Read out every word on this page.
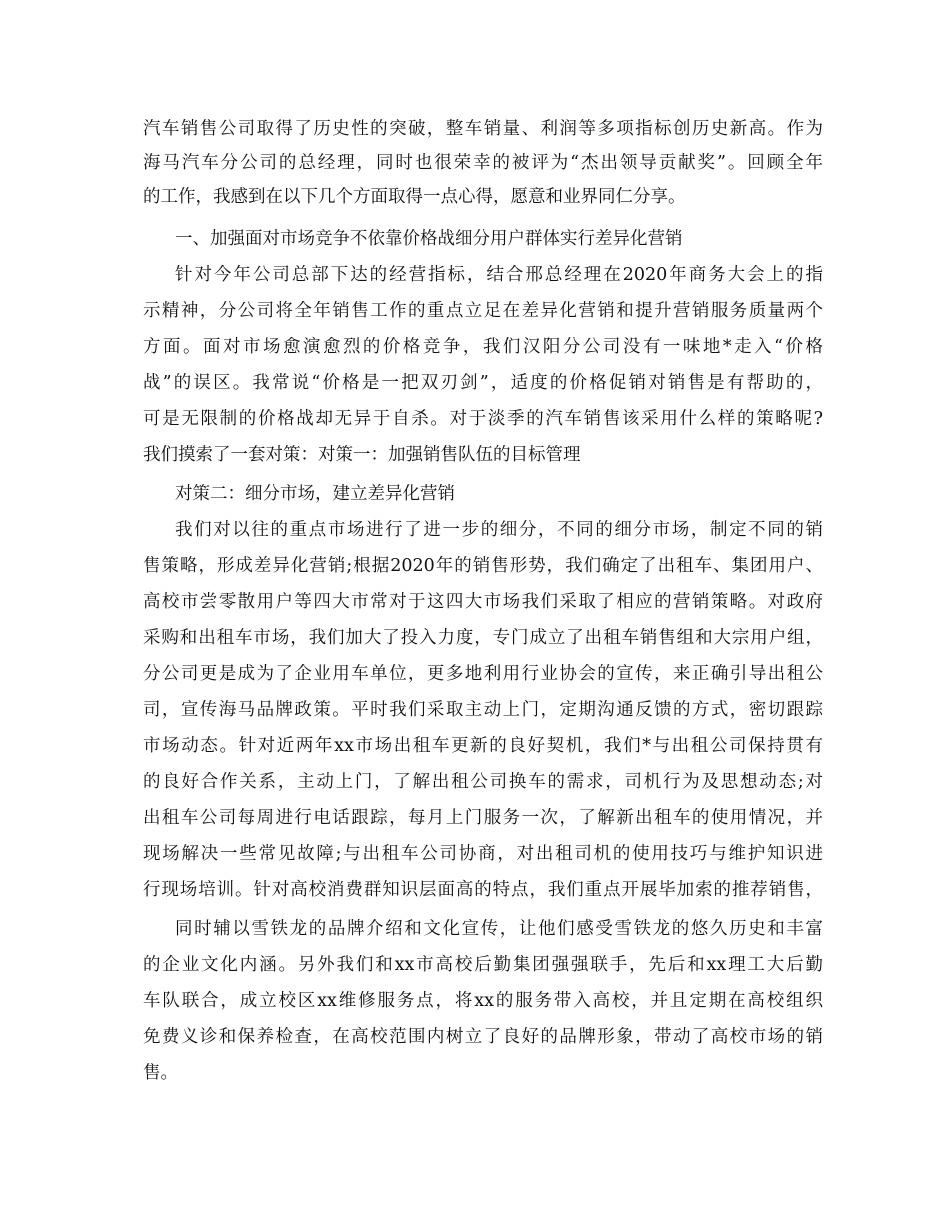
汽车销售公司取得了历史性的突破，整车销量、利润等多项指标创历史新高。作为

海马汽车分公司的总经理，同时也很荣幸的被评为“杰出领导贡献奖”。回顾全年

的工作，我感到在以下几个方面取得一点心得，愿意和业界同仁分享。

一、加强面对市场竞争不依靠价格战细分用户群体实行差异化营销

针对今年公司总部下达的经营指标，结合邢总经理在2020年商务大会上的指

示精神，分公司将全年销售工作的重点立足在差异化营销和提升营销服务质量两个

方面。面对市场愈演愈烈的价格竞争，我们汉阳分公司没有一味地*走入“价格

战”的误区。我常说“价格是一把双刃剑”，适度的价格促销对销售是有帮助的，

可是无限制的价格战却无异于自杀。对于淡季的汽车销售该采用什么样的策略呢?

我们摸索了一套对策：对策一：加强销售队伍的目标管理

对策二：细分市场，建立差异化营销

我们对以往的重点市场进行了进一步的细分，不同的细分市场，制定不同的销

售策略，形成差异化营销;根据2020年的销售形势，我们确定了出租车、集团用户、

高校市尝零散用户等四大市常对于这四大市场我们采取了相应的营销策略。对政府

采购和出租车市场，我们加大了投入力度，专门成立了出租车销售组和大宗用户组，

分公司更是成为了企业用车单位，更多地利用行业协会的宣传，来正确引导出租公

司，宣传海马品牌政策。平时我们采取主动上门，定期沟通反馈的方式，密切跟踪

市场动态。针对近两年xx市场出租车更新的良好契机，我们*与出租公司保持贯有

的良好合作关系，主动上门，了解出租公司换车的需求，司机行为及思想动态;对

出租车公司每周进行电话跟踪，每月上门服务一次，了解新出租车的使用情况，并

现场解决一些常见故障;与出租车公司协商，对出租司机的使用技巧与维护知识进

行现场培训。针对高校消费群知识层面高的特点，我们重点开展毕加索的推荐销售，

同时辅以雪铁龙的品牌介绍和文化宣传，让他们感受雪铁龙的悠久历史和丰富

的企业文化内涵。另外我们和xx市高校后勤集团强强联手，先后和xx理工大后勤

车队联合，成立校区xx维修服务点，将xx的服务带入高校，并且定期在高校组织

免费义诊和保养检查，在高校范围内树立了良好的品牌形象，带动了高校市场的销

售。
